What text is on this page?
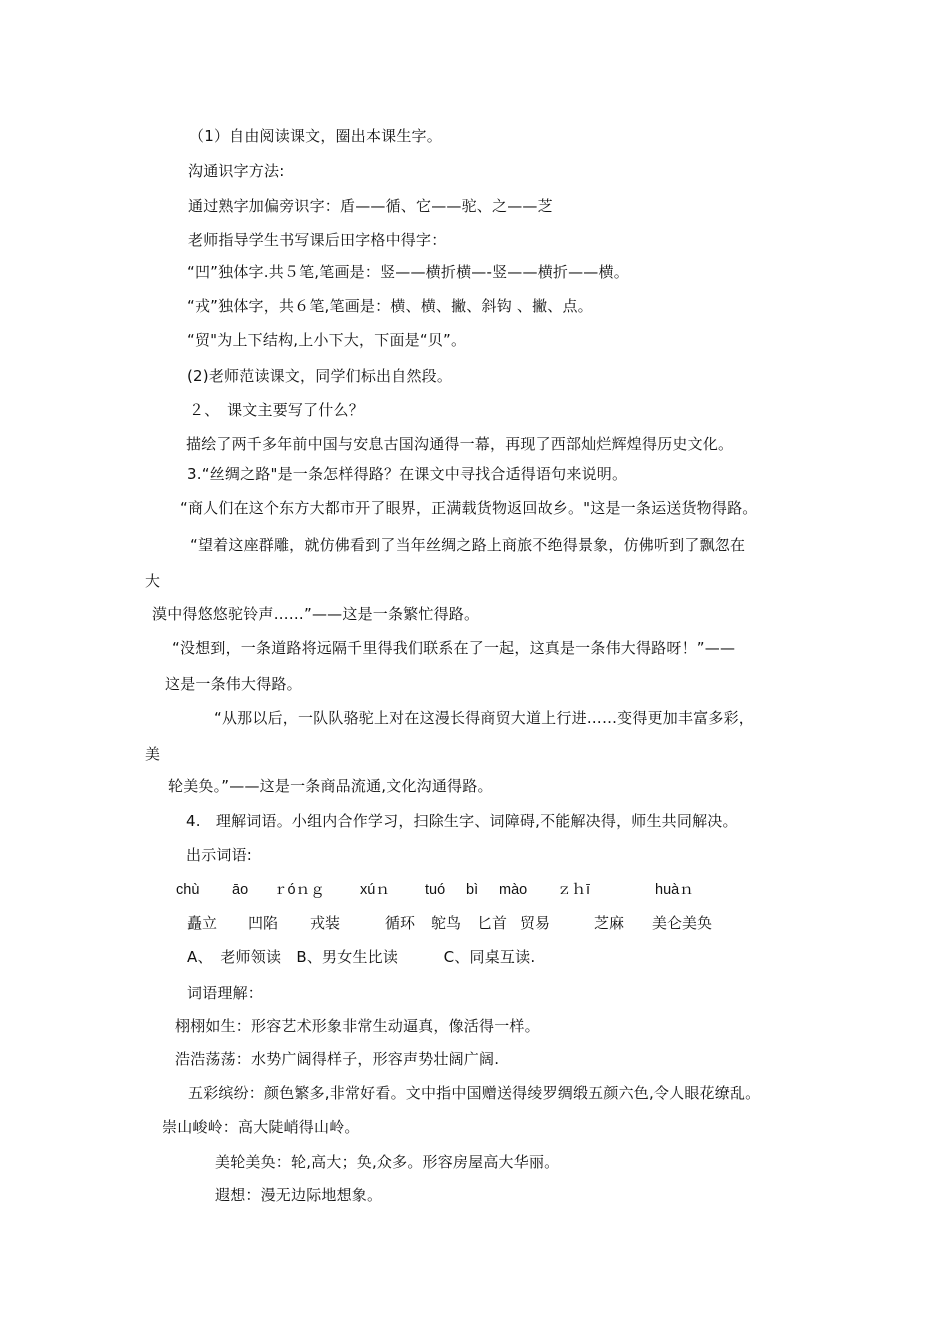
（1）自由阅读课文，圈出本课生字。
沟通识字方法:
通过熟字加偏旁识字：盾——循、它——驼、之——芝
老师指导学生书写课后田字格中得字：
“凹”独体字.共５笔,笔画是：竖——横折横—-竖——横折——横。
“戎”独体字，共６笔,笔画是：横、横、撇、斜钩 、撇、点。
“贸"为上下结构,上小下大，下面是“贝”。
(2)老师范读课文，同学们标出自然段。
２、　课文主要写了什么？
描绘了两千多年前中国与安息古国沟通得一幕，再现了西部灿烂辉煌得历史文化。
3.“丝绸之路"是一条怎样得路？在课文中寻找合适得语句来说明。
“商人们在这个东方大都市开了眼界，正满载货物返回故乡。"这是一条运送货物得路。
“望着这座群雕，就仿佛看到了当年丝绸之路上商旅不绝得景象，仿佛听到了飘忽在
大
漠中得悠悠驼铃声……”——这是一条繁忙得路。
“没想到，一条道路将远隔千里得我们联系在了一起，这真是一条伟大得路呀！”——
这是一条伟大得路。
“从那以后，一队队骆驼上对在这漫长得商贸大道上行进……变得更加丰富多彩，
美
轮美奂。”——这是一条商品流通,文化沟通得路。
4.　理解词语。小组内合作学习，扫除生字、词障碍,不能解决得，师生共同解决。
出示词语:
chù āo ｒóｎｇ xúｎ tuó bì mào ｚｈī	huàｎ
矗立 凹陷 戎装	循环 鸵鸟 匕首 贸易	芝麻 美仑美奂
A、　老师领读　B、男女生比读　　　C、同桌互读.
词语理解：
栩栩如生：形容艺术形象非常生动逼真，像活得一样。
浩浩荡荡：水势广阔得样子，形容声势壮阔广阔.
五彩缤纷：颜色繁多,非常好看。文中指中国赠送得绫罗绸缎五颜六色,令人眼花缭乱。
崇山峻岭：高大陡峭得山岭。
美轮美奂：轮,高大；奂,众多。形容房屋高大华丽。
遐想：漫无边际地想象。
